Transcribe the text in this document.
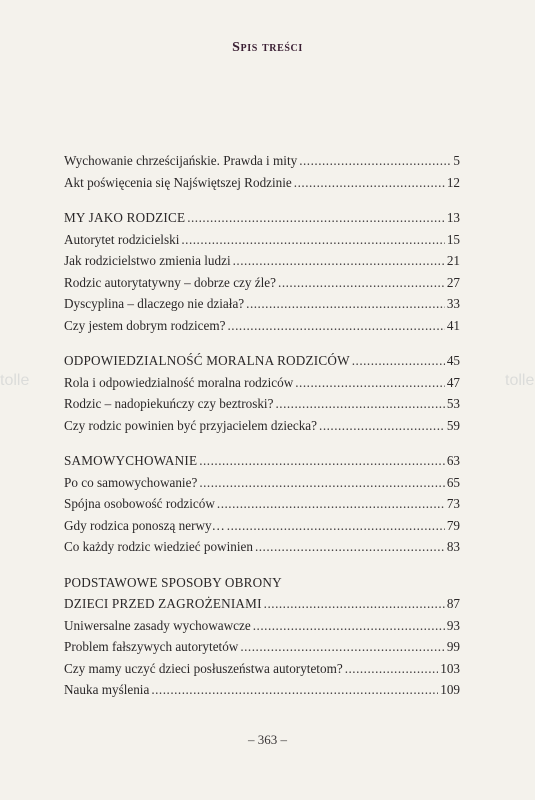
Spis treści
Wychowanie chrześcijańskie. Prawda i mity .....	5
Akt poświęcenia się Najświętszej Rodzinie .....	12
MY JAKO RODZICE .....	13
Autorytet rodzicielski .....	15
Jak rodzicielstwo zmienia ludzi .....	21
Rodzic autorytatywny – dobrze czy źle? .....	27
Dyscyplina – dlaczego nie działa? .....	33
Czy jestem dobrym rodzicem? .....	41
ODPOWIEDZIALNOŚĆ MORALNA RODZICÓW .....	45
Rola i odpowiedzialność moralna rodziców .....	47
Rodzic – nadopiekuńczy czy beztroski? .....	53
Czy rodzic powinien być przyjacielem dziecka? .....	59
SAMOWYCHOWANIE .....	63
Po co samowychowanie? .....	65
Spójna osobowość rodziców .....	73
Gdy rodzica ponoszą nerwy… .....	79
Co każdy rodzic wiedzieć powinien .....	83
PODSTAWOWE SPOSOBY OBRONY
DZIECI PRZED ZAGROŻENIAMI .....	87
Uniwersalne zasady wychowawcze .....	93
Problem fałszywych autorytetów .....	99
Czy mamy uczyć dzieci posłuszeństwa autorytetom? .....	103
Nauka myślenia .....	109
tolle	tolle
– 363 –
